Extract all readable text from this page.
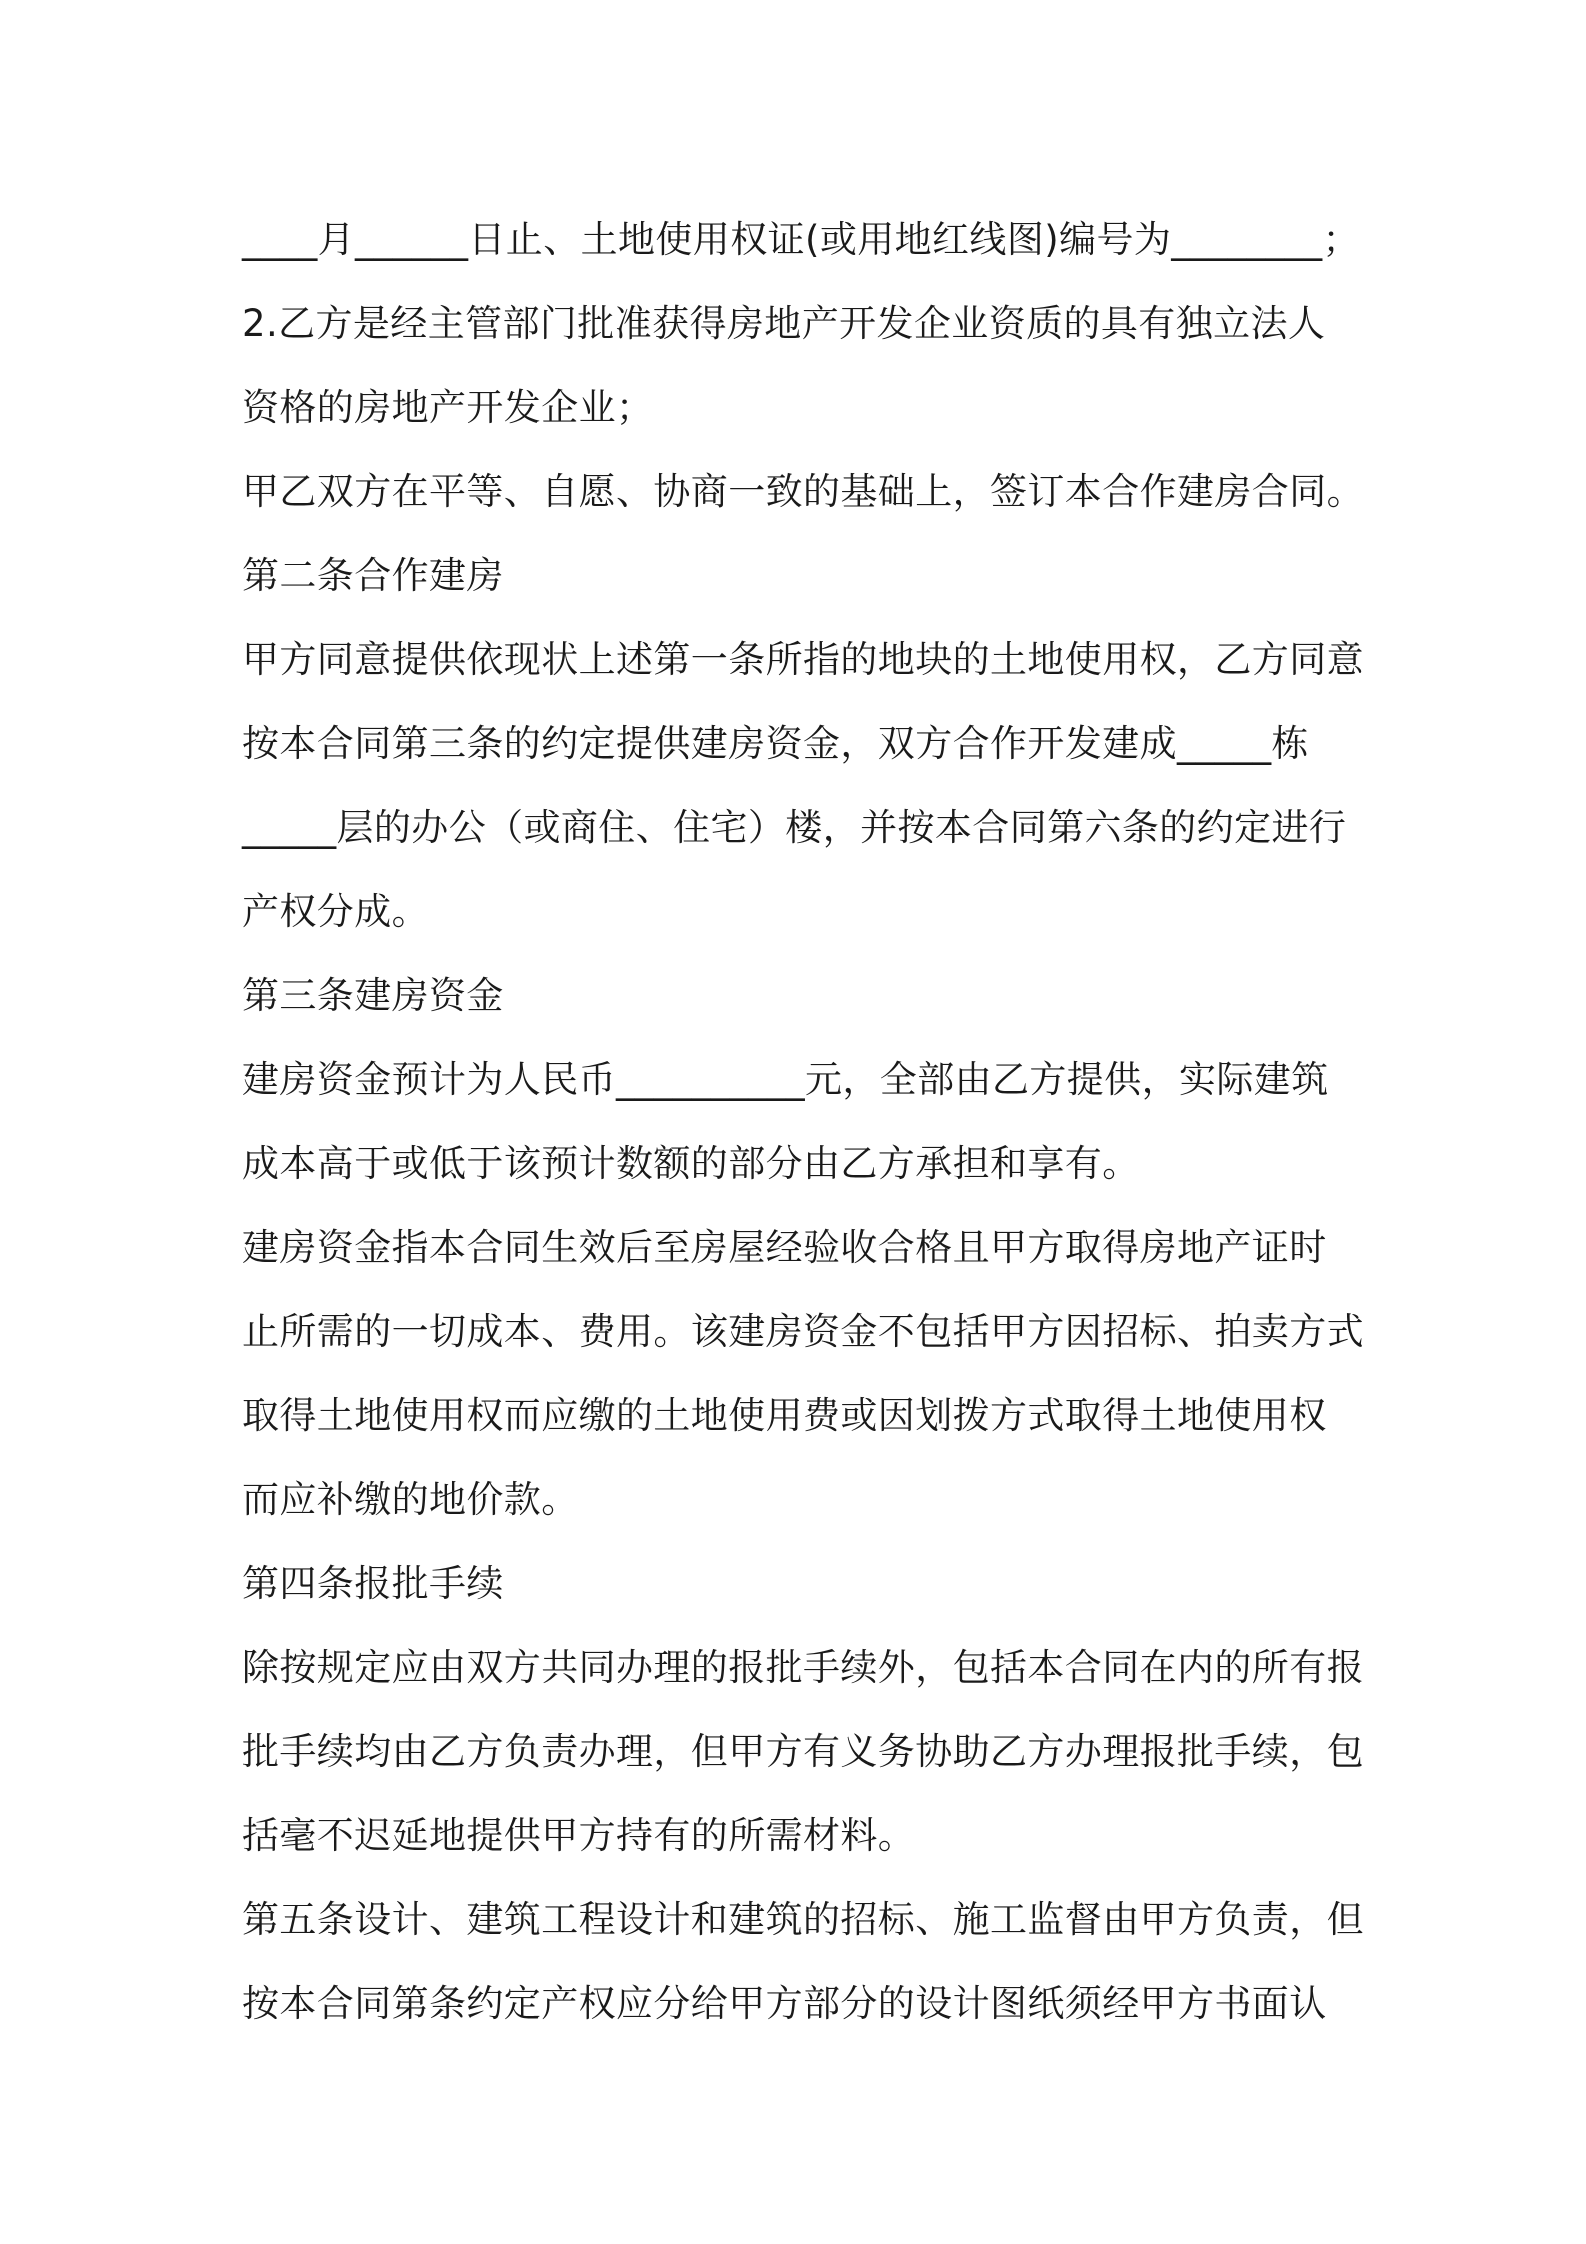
____月______日止、土地使用权证(或用地红线图)编号为________；
2.乙方是经主管部门批准获得房地产开发企业资质的具有独立法人
资格的房地产开发企业；
甲乙双方在平等、自愿、协商一致的基础上，签订本合作建房合同。
第二条合作建房
甲方同意提供依现状上述第一条所指的地块的土地使用权，乙方同意
按本合同第三条的约定提供建房资金，双方合作开发建成_____栋
_____层的办公（或商住、住宅）楼，并按本合同第六条的约定进行
产权分成。
第三条建房资金
建房资金预计为人民币__________元，全部由乙方提供，实际建筑
成本高于或低于该预计数额的部分由乙方承担和享有。
建房资金指本合同生效后至房屋经验收合格且甲方取得房地产证时
止所需的一切成本、费用。该建房资金不包括甲方因招标、拍卖方式
取得土地使用权而应缴的土地使用费或因划拨方式取得土地使用权
而应补缴的地价款。
第四条报批手续
除按规定应由双方共同办理的报批手续外，包括本合同在内的所有报
批手续均由乙方负责办理，但甲方有义务协助乙方办理报批手续，包
括毫不迟延地提供甲方持有的所需材料。
第五条设计、建筑工程设计和建筑的招标、施工监督由甲方负责，但
按本合同第条约定产权应分给甲方部分的设计图纸须经甲方书面认
